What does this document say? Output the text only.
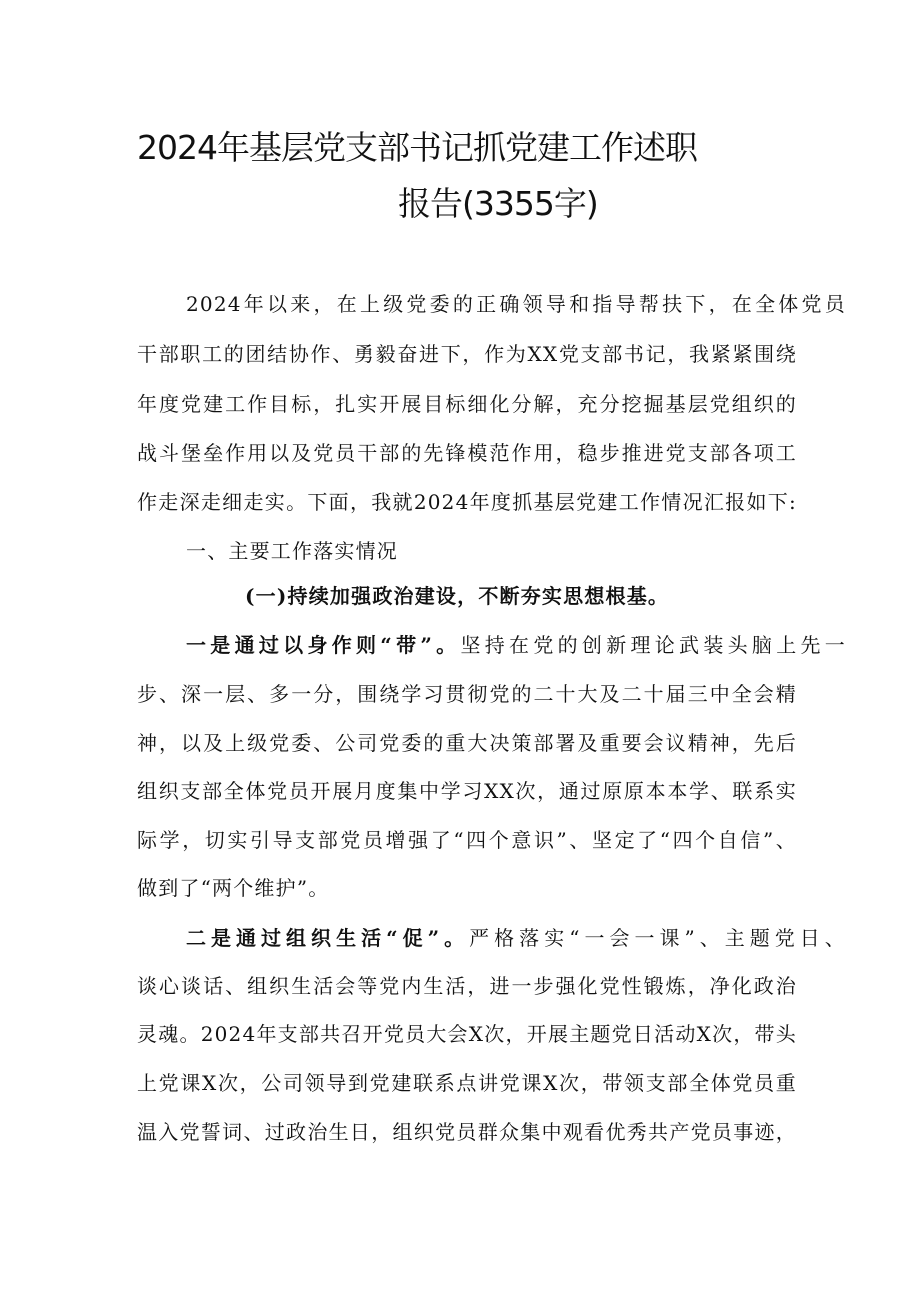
2024年基层党支部书记抓党建工作述职
报告(3355字)

2024年以来，在上级党委的正确领导和指导帮扶下，在全体党员

干部职工的团结协作、勇毅奋进下，作为XX党支部书记，我紧紧围绕

年度党建工作目标，扎实开展目标细化分解，充分挖掘基层党组织的

战斗堡垒作用以及党员干部的先锋模范作用，稳步推进党支部各项工

作走深走细走实。下面，我就2024年度抓基层党建工作情况汇报如下:

一、主要工作落实情况

(一)持续加强政治建设，不断夯实思想根基。

一是通过以身作则“带”。坚持在党的创新理论武装头脑上先一

步、深一层、多一分，围绕学习贯彻党的二十大及二十届三中全会精

神，以及上级党委、公司党委的重大决策部署及重要会议精神，先后

组织支部全体党员开展月度集中学习XX次，通过原原本本学、联系实

际学，切实引导支部党员增强了“四个意识”、坚定了“四个自信”、

做到了“两个维护”。

二是通过组织生活“促”。严格落实“一会一课”、主题党日、

谈心谈话、组织生活会等党内生活，进一步强化党性锻炼，净化政治

灵魂。2024年支部共召开党员大会X次，开展主题党日活动X次，带头

上党课X次，公司领导到党建联系点讲党课X次，带领支部全体党员重

温入党誓词、过政治生日，组织党员群众集中观看优秀共产党员事迹，
